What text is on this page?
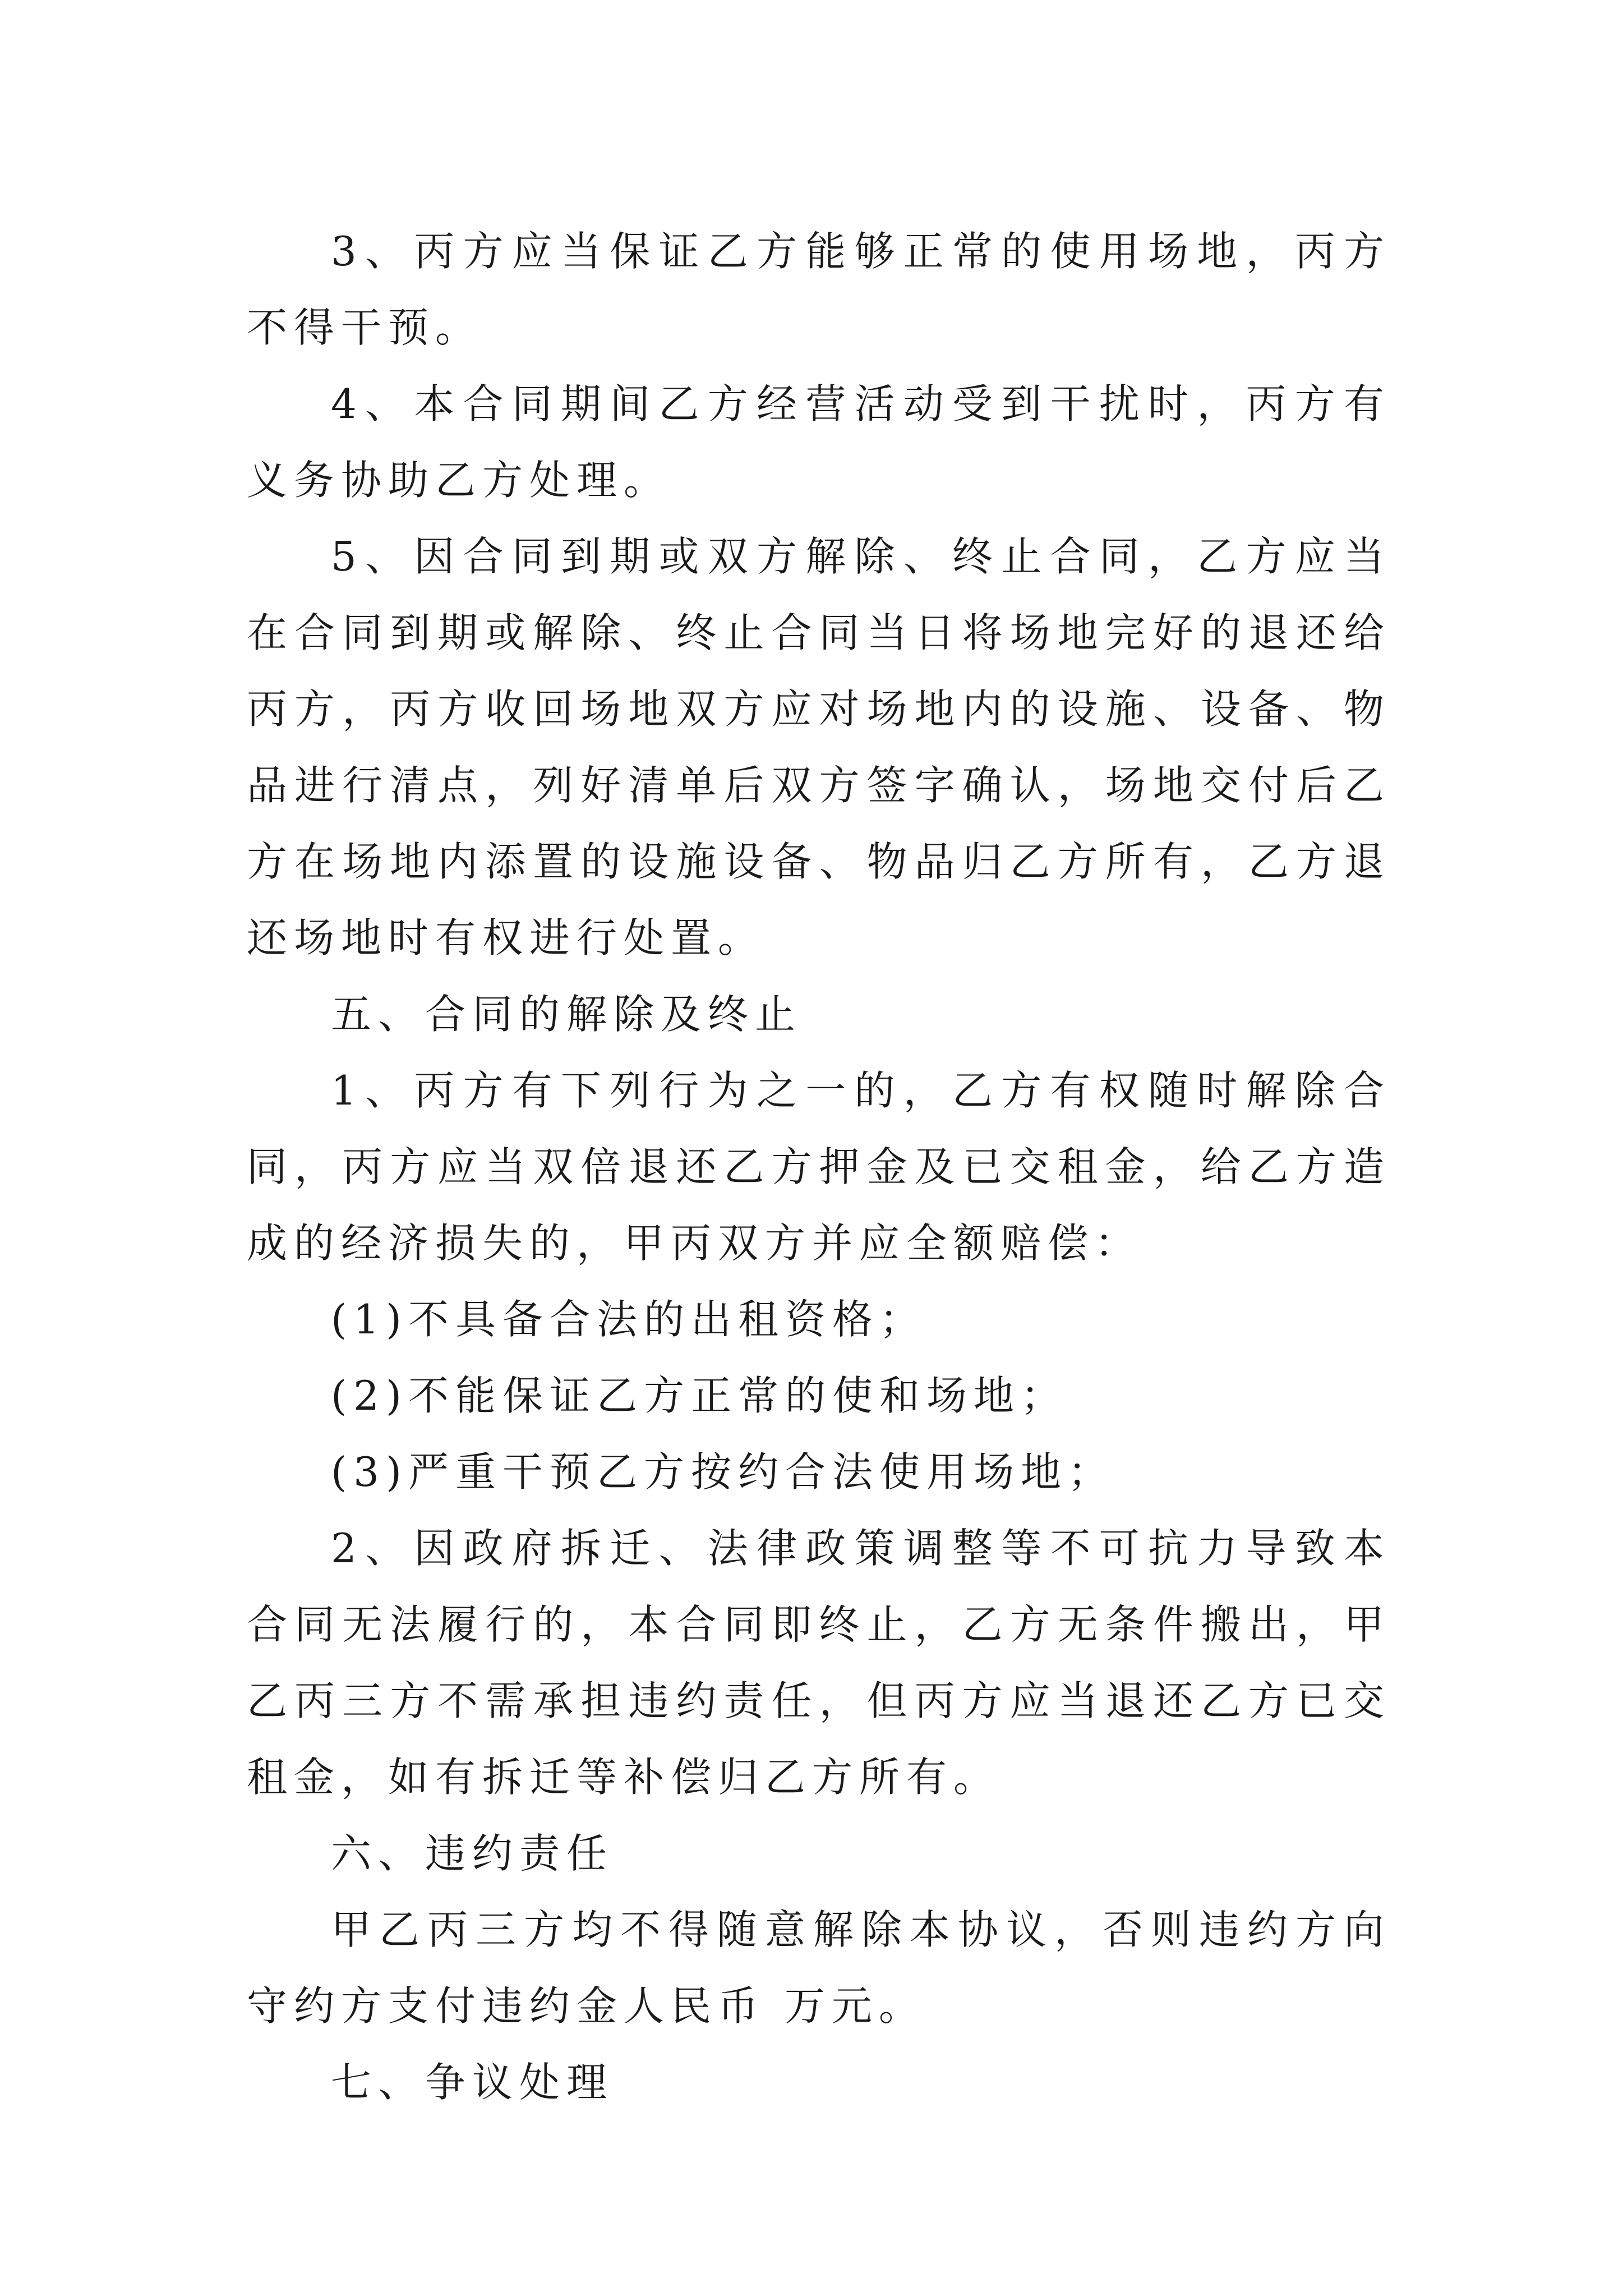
3、丙方应当保证乙方能够正常的使用场地，丙方不得干预。

4、本合同期间乙方经营活动受到干扰时，丙方有义务协助乙方处理。

5、因合同到期或双方解除、终止合同，乙方应当在合同到期或解除、终止合同当日将场地完好的退还给丙方，丙方收回场地双方应对场地内的设施、设备、物品进行清点，列好清单后双方签字确认，场地交付后乙方在场地内添置的设施设备、物品归乙方所有，乙方退还场地时有权进行处置。

五、合同的解除及终止

1、丙方有下列行为之一的，乙方有权随时解除合同，丙方应当双倍退还乙方押金及已交租金，给乙方造成的经济损失的，甲丙双方并应全额赔偿：

(1)不具备合法的出租资格；

(2)不能保证乙方正常的使和场地；

(3)严重干预乙方按约合法使用场地；

2、因政府拆迁、法律政策调整等不可抗力导致本合同无法履行的，本合同即终止，乙方无条件搬出，甲乙丙三方不需承担违约责任，但丙方应当退还乙方已交租金，如有拆迁等补偿归乙方所有。

六、违约责任

甲乙丙三方均不得随意解除本协议，否则违约方向守约方支付违约金人民币 万元。

七、争议处理
